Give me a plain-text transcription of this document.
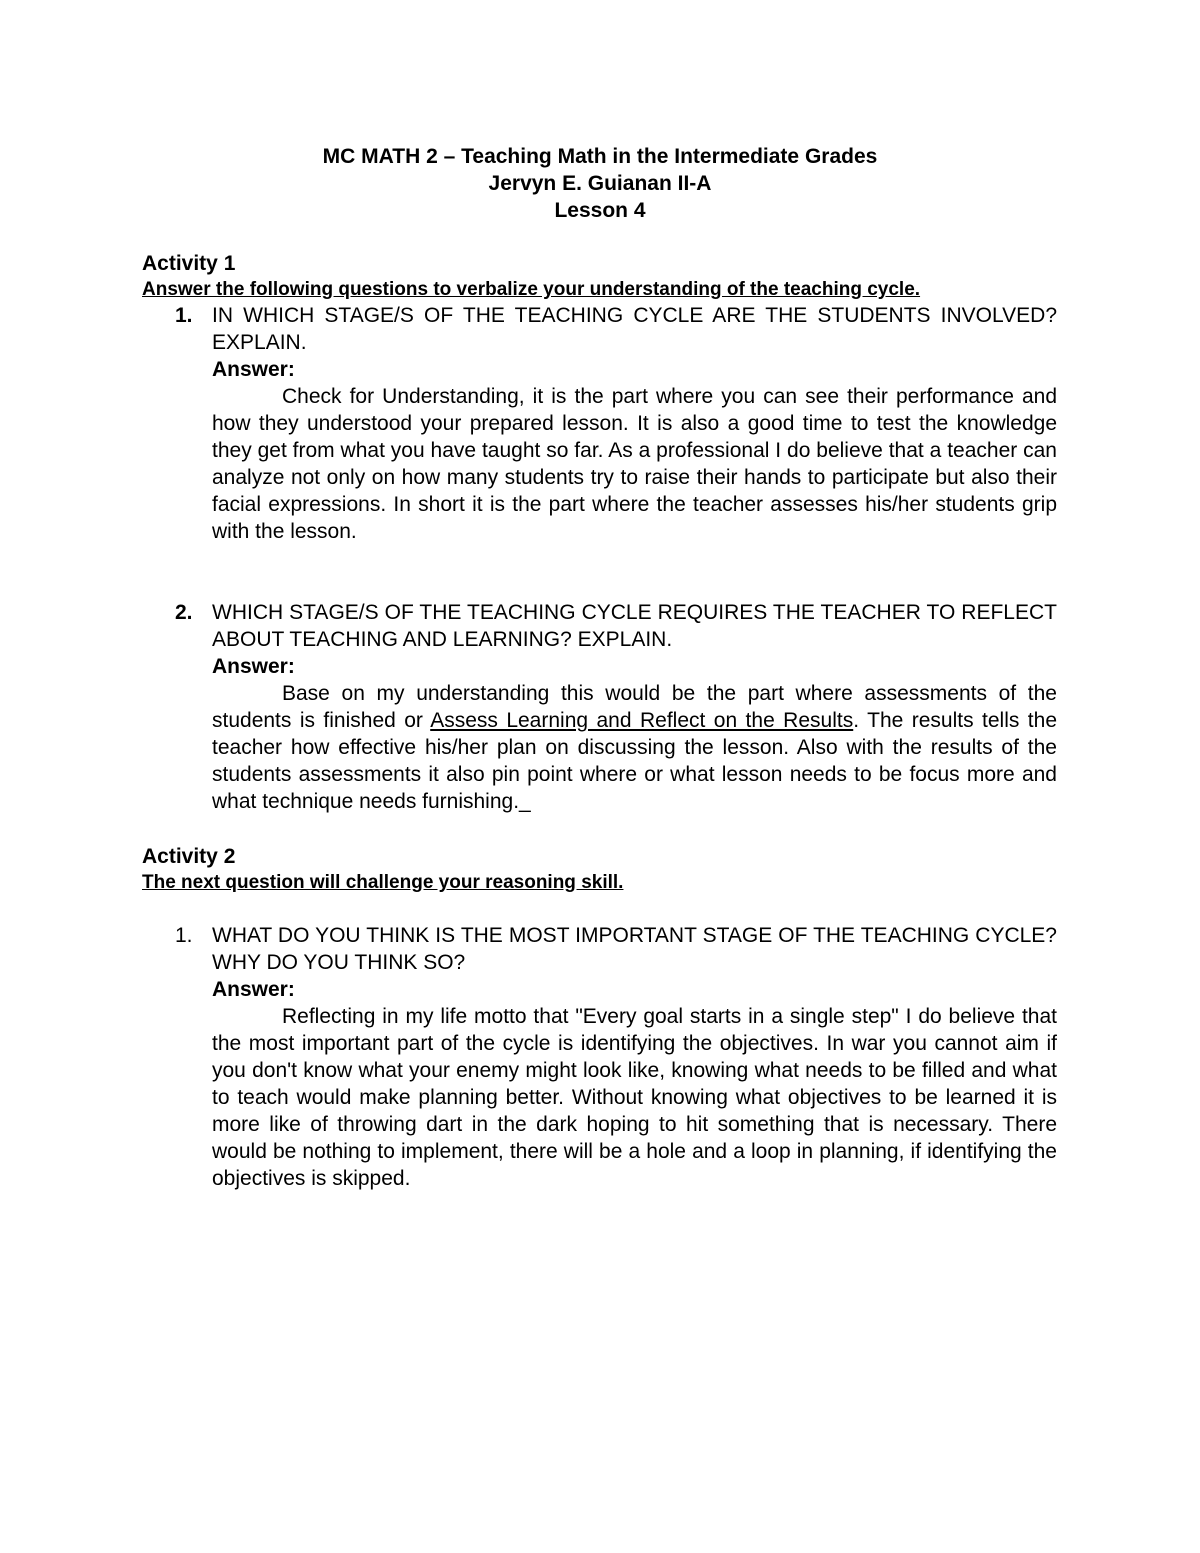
MC MATH 2 – Teaching Math in the Intermediate Grades
Jervyn E. Guianan II-A
Lesson 4
Activity 1
Answer the following questions to verbalize your understanding of the teaching cycle.
1. IN WHICH STAGE/S OF THE TEACHING CYCLE ARE THE STUDENTS INVOLVED? EXPLAIN.
Answer:
Check for Understanding, it is the part where you can see their performance and how they understood your prepared lesson. It is also a good time to test the knowledge they get from what you have taught so far. As a professional I do believe that a teacher can analyze not only on how many students try to raise their hands to participate but also their facial expressions. In short it is the part where the teacher assesses his/her students grip with the lesson.
2. WHICH STAGE/S OF THE TEACHING CYCLE REQUIRES THE TEACHER TO REFLECT ABOUT TEACHING AND LEARNING? EXPLAIN.
Answer:
Base on my understanding this would be the part where assessments of the students is finished or Assess Learning and Reflect on the Results. The results tells the teacher how effective his/her plan on discussing the lesson. Also with the results of the students assessments it also pin point where or what lesson needs to be focus more and what technique needs furnishing._
Activity 2
The next question will challenge your reasoning skill.
1. WHAT DO YOU THINK IS THE MOST IMPORTANT STAGE OF THE TEACHING CYCLE? WHY DO YOU THINK SO?
Answer:
Reflecting in my life motto that "Every goal starts in a single step" I do believe that the most important part of the cycle is identifying the objectives. In war you cannot aim if you don't know what your enemy might look like, knowing what needs to be filled and what to teach would make planning better. Without knowing what objectives to be learned it is more like of throwing dart in the dark hoping to hit something that is necessary. There would be nothing to implement, there will be a hole and a loop in planning, if identifying the objectives is skipped.
